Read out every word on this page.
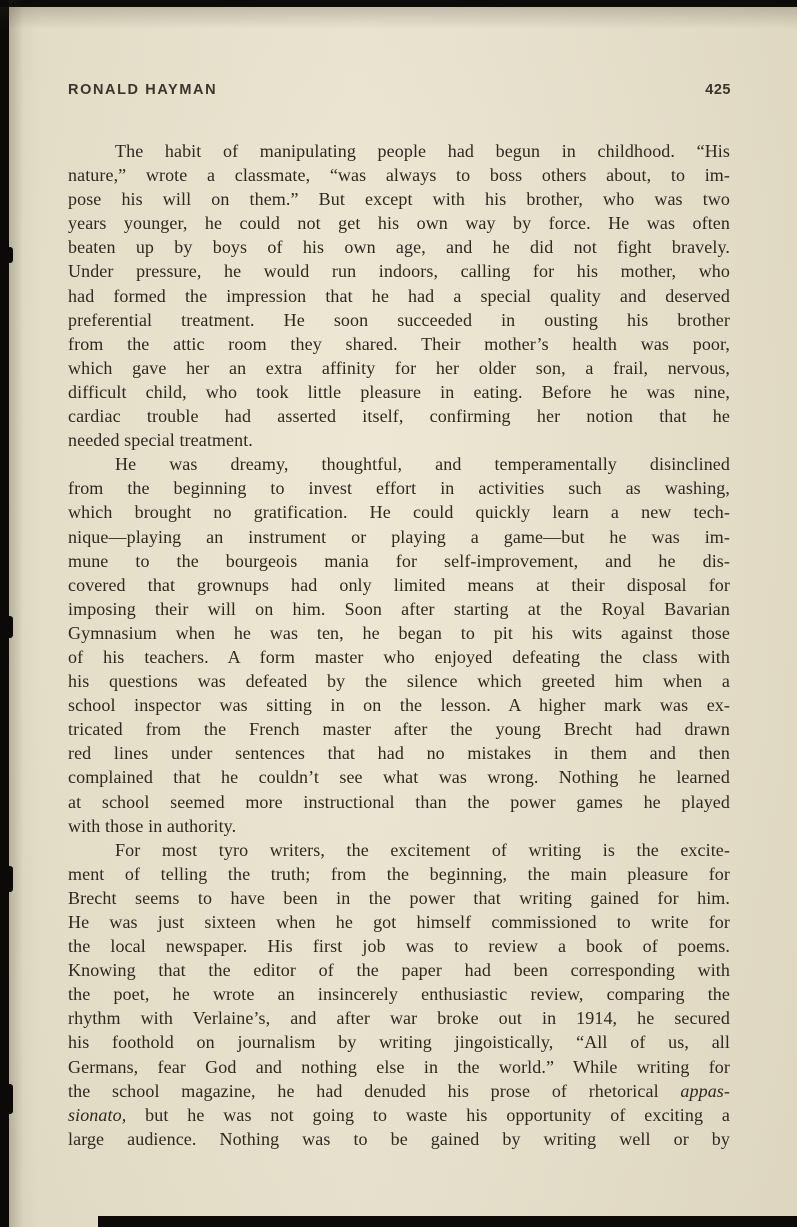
RONALD HAYMAN	425
The habit of manipulating people had begun in childhood. “His
nature,” wrote a classmate, “was always to boss others about, to im-
pose his will on them.” But except with his brother, who was two
years younger, he could not get his own way by force. He was often
beaten up by boys of his own age, and he did not fight bravely.
Under pressure, he would run indoors, calling for his mother, who
had formed the impression that he had a special quality and deserved
preferential treatment. He soon succeeded in ousting his brother
from the attic room they shared. Their mother’s health was poor,
which gave her an extra affinity for her older son, a frail, nervous,
difficult child, who took little pleasure in eating. Before he was nine,
cardiac trouble had asserted itself, confirming her notion that he
needed special treatment.
He was dreamy, thoughtful, and temperamentally disinclined
from the beginning to invest effort in activities such as washing,
which brought no gratification. He could quickly learn a new tech-
nique—playing an instrument or playing a game—but he was im-
mune to the bourgeois mania for self-improvement, and he dis-
covered that grownups had only limited means at their disposal for
imposing their will on him. Soon after starting at the Royal Bavarian
Gymnasium when he was ten, he began to pit his wits against those
of his teachers. A form master who enjoyed defeating the class with
his questions was defeated by the silence which greeted him when a
school inspector was sitting in on the lesson. A higher mark was ex-
tricated from the French master after the young Brecht had drawn
red lines under sentences that had no mistakes in them and then
complained that he couldn’t see what was wrong. Nothing he learned
at school seemed more instructional than the power games he played
with those in authority.
For most tyro writers, the excitement of writing is the excite-
ment of telling the truth; from the beginning, the main pleasure for
Brecht seems to have been in the power that writing gained for him.
He was just sixteen when he got himself commissioned to write for
the local newspaper. His first job was to review a book of poems.
Knowing that the editor of the paper had been corresponding with
the poet, he wrote an insincerely enthusiastic review, comparing the
rhythm with Verlaine’s, and after war broke out in 1914, he secured
his foothold on journalism by writing jingoistically, “All of us, all
Germans, fear God and nothing else in the world.” While writing for
the school magazine, he had denuded his prose of rhetorical appas-
sionato, but he was not going to waste his opportunity of exciting a
large audience. Nothing was to be gained by writing well or by
